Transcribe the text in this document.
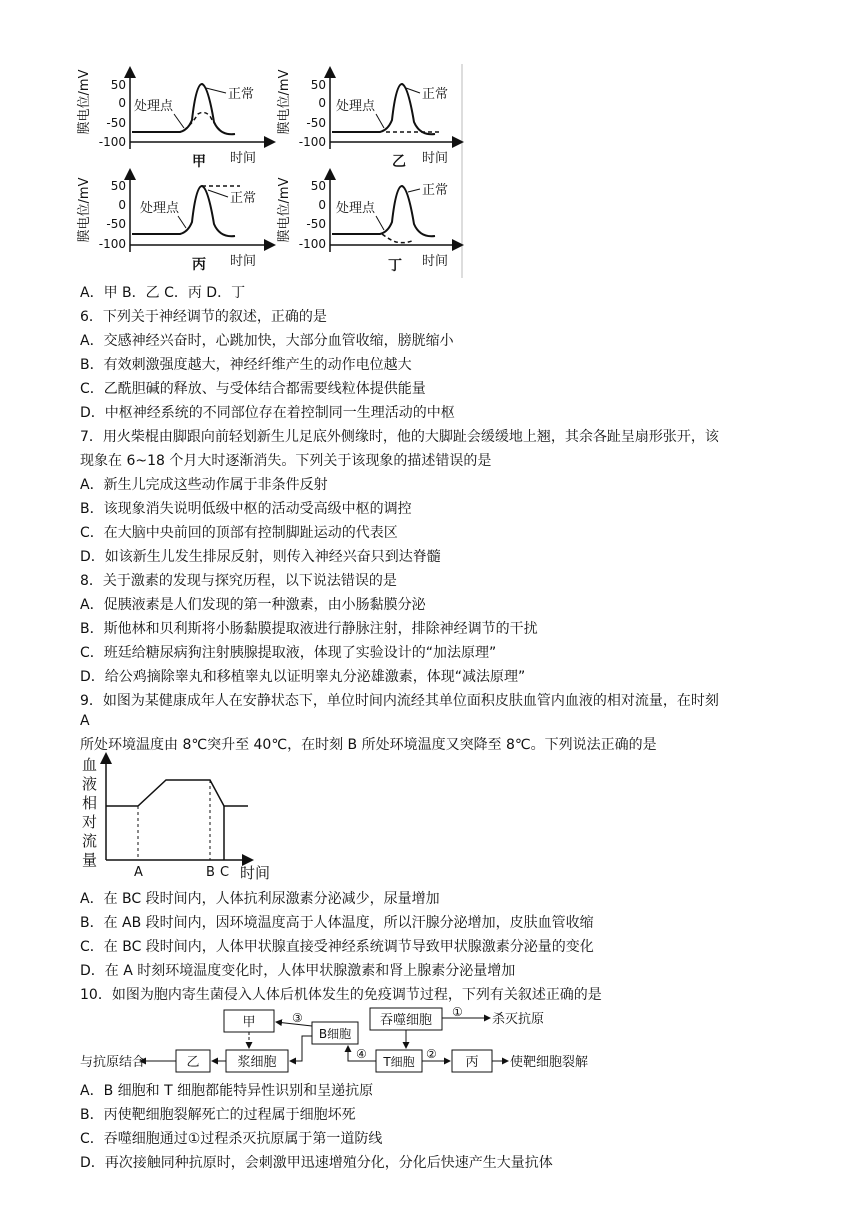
膜电位/mV 50
0
-50
-100
处理点
正常
甲 时间
膜电位/mV 50
0
-50
-100
处理点
正常
乙 时间
膜电位/mV 50
0
-50
-100
处理点
正常
丙 时间
膜电位/mV 50
0
-50
-100
处理点
正常
丁 时间
A．甲 B．乙 C．丙 D．丁
6．下列关于神经调节的叙述，正确的是
A．交感神经兴奋时，心跳加快，大部分血管收缩，膀胱缩小
B．有效刺激强度越大，神经纤维产生的动作电位越大
C．乙酰胆碱的释放、与受体结合都需要线粒体提供能量
D．中枢神经系统的不同部位存在着控制同一生理活动的中枢
7．用火柴棍由脚跟向前轻划新生儿足底外侧缘时，他的大脚趾会缓缓地上翘，其余各趾呈扇形张开，该
现象在 6~18 个月大时逐渐消失。下列关于该现象的描述错误的是
A．新生儿完成这些动作属于非条件反射
B．该现象消失说明低级中枢的活动受高级中枢的调控
C．在大脑中央前回的顶部有控制脚趾运动的代表区
D．如该新生儿发生排尿反射，则传入神经兴奋只到达脊髓
8．关于激素的发现与探究历程，以下说法错误的是
A．促胰液素是人们发现的第一种激素，由小肠黏膜分泌
B．斯他林和贝利斯将小肠黏膜提取液进行静脉注射，排除神经调节的干扰
C．班廷给糖尿病狗注射胰腺提取液，体现了实验设计的“加法原理”
D．给公鸡摘除睾丸和移植睾丸以证明睾丸分泌雄激素，体现“减法原理”
9．如图为某健康成年人在安静状态下，单位时间内流经其单位面积皮肤血管内血液的相对流量，在时刻
A
所处环境温度由 8℃突升至 40℃，在时刻 B 所处环境温度又突降至 8℃。下列说法正确的是
血
液
相
对
流
量
A	B C 时间
A．在 BC 段时间内，人体抗利尿激素分泌减少，尿量增加
B．在 AB 段时间内，因环境温度高于人体温度，所以汗腺分泌增加，皮肤血管收缩
C．在 BC 段时间内，人体甲状腺直接受神经系统调节导致甲状腺激素分泌量的变化
D．在 A 时刻环境温度变化时，人体甲状腺激素和肾上腺素分泌量增加
10．如图为胞内寄生菌侵入人体后机体发生的免疫调节过程，下列有关叙述正确的是
甲
B细胞
吞噬细胞
① 杀灭抗原
浆细胞
乙
与抗原结合
③
T细胞
④	②
丙 使靶细胞裂解
A．B 细胞和 T 细胞都能特异性识别和呈递抗原
B．丙使靶细胞裂解死亡的过程属于细胞坏死
C．吞噬细胞通过①过程杀灭抗原属于第一道防线
D．再次接触同种抗原时，会刺激甲迅速增殖分化，分化后快速产生大量抗体
